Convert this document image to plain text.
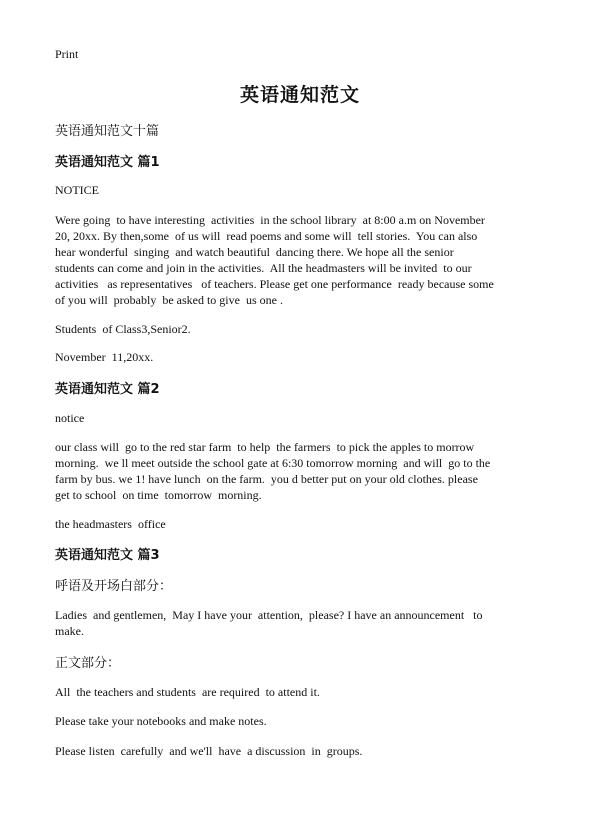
Print
英语通知范文
英语通知范文十篇
英语通知范文 篇1
NOTICE
Were going  to have interesting  activities  in the school library  at 8:00 a.m on November
20, 20xx. By then,some  of us will  read poems and some will  tell stories.  You can also
hear wonderful  singing  and watch beautiful  dancing there. We hope all the senior
students can come and join in the activities.  All the headmasters will be invited  to our
activities   as representatives   of teachers. Please get one performance  ready because some
of you will  probably  be asked to give  us one .
Students  of Class3,Senior2.
November  11,20xx.
英语通知范文 篇2
notice
our class will  go to the red star farm  to help  the farmers  to pick the apples to morrow
morning.  we ll meet outside the school gate at 6:30 tomorrow morning  and will  go to the
farm by bus. we 1! have lunch  on the farm.  you d better put on your old clothes. please
get to school  on time  tomorrow  morning.
the headmasters  office
英语通知范文 篇3
呼语及开场白部分：
Ladies  and gentlemen,  May I have your  attention,  please? I have an announcement   to
make.
正文部分：
All  the teachers and students  are required  to attend it.
Please take your notebooks and make notes.
Please listen  carefully  and we'll  have  a discussion  in  groups.
